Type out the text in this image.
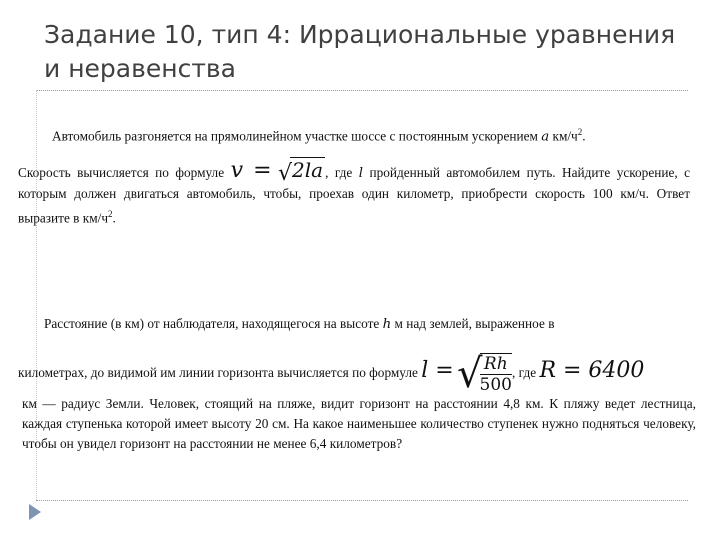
Задание 10, тип 4: Иррациональные уравнения и неравенства
Автомобиль разгоняется на прямолинейном участке шоссе с постоянным ускорением a $км/ч^2$.
Скорость вычисляется по формуле v = √2la , где l пройденный автомобилем путь. Найдите ускорение, с которым должен двигаться автомобиль, чтобы, проехав один километр, приобрести скорость 100 км/ч. Ответ выразите в $км/ч^2$.
Расстояние (в км) от наблюдателя, находящегося на высоте h м над землей, выраженное в
километрах, до видимой им линии горизонта вычисляется по формуле l = √
$\frac{Rh}{500}$ , где R = 6400
км — радиус Земли. Человек, стоящий на пляже, видит горизонт на расстоянии 4,8 км. К пляжу ведет лестница, каждая ступенька которой имеет высоту 20 см. На какое наименьшее количество ступенек нужно подняться человеку, чтобы он увидел горизонт на расстоянии не менее 6,4 километров?
